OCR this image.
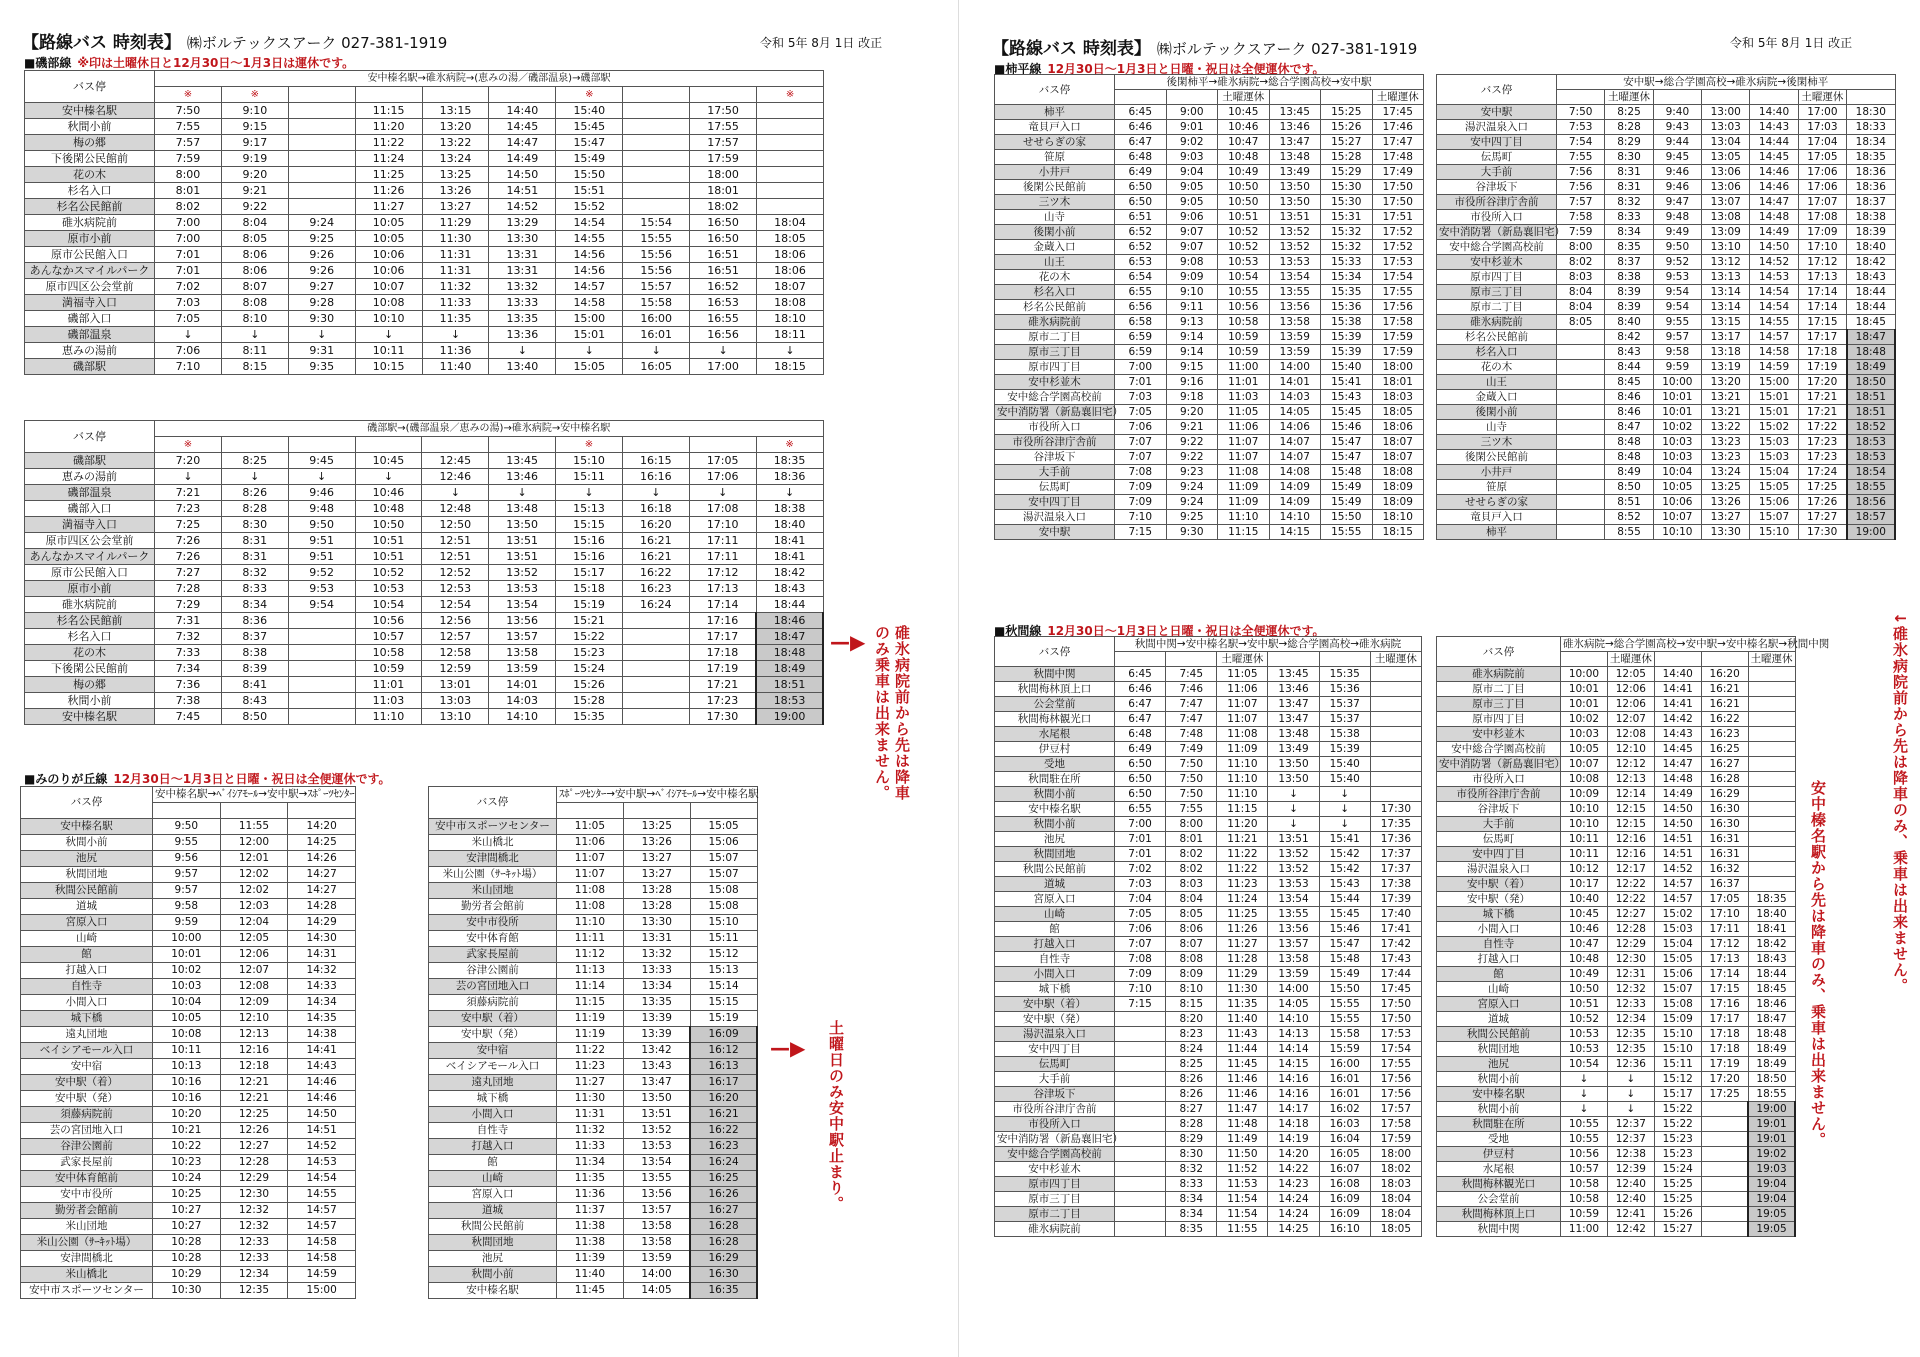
【路線バス 時刻表】 ㈱ボルテックスアーク 027-381-1919	令和 5年 8月 1日 改正
■磯部線 ※印は土曜休日と12月30日～1月3日は運休です。
バス停	安中榛名駅→碓氷病院→(恵みの湯／磯部温泉)→磯部駅									
	※	※					※			※
安中榛名駅	7:50	9:10		11:15	13:15	14:40	15:40		17:50	
秋間小前	7:55	9:15		11:20	13:20	14:45	15:45		17:55	
梅の郷	7:57	9:17		11:22	13:22	14:47	15:47		17:57	
下後閑公民館前	7:59	9:19		11:24	13:24	14:49	15:49		17:59	
花の木	8:00	9:20		11:25	13:25	14:50	15:50		18:00	
杉名入口	8:01	9:21		11:26	13:26	14:51	15:51		18:01	
杉名公民館前	8:02	9:22		11:27	13:27	14:52	15:52		18:02	
碓氷病院前	7:00	8:04	9:24	10:05	11:29	13:29	14:54	15:54	16:50	18:04
原市小前	7:00	8:05	9:25	10:05	11:30	13:30	14:55	15:55	16:50	18:05
原市公民館入口	7:01	8:06	9:26	10:06	11:31	13:31	14:56	15:56	16:51	18:06
あんなかスマイルパーク	7:01	8:06	9:26	10:06	11:31	13:31	14:56	15:56	16:51	18:06
原市四区公会堂前	7:02	8:07	9:27	10:07	11:32	13:32	14:57	15:57	16:52	18:07
満福寺入口	7:03	8:08	9:28	10:08	11:33	13:33	14:58	15:58	16:53	18:08
磯部入口	7:05	8:10	9:30	10:10	11:35	13:35	15:00	16:00	16:55	18:10
磯部温泉	↓	↓	↓	↓	↓	13:36	15:01	16:01	16:56	18:11
恵みの湯前	7:06	8:11	9:31	10:11	11:36	↓	↓	↓	↓	↓
磯部駅	7:10	8:15	9:35	10:15	11:40	13:40	15:05	16:05	17:00	18:15
バス停	磯部駅→(磯部温泉／恵みの湯)→碓氷病院→安中榛名駅									
	※						※			※
磯部駅	7:20	8:25	9:45	10:45	12:45	13:45	15:10	16:15	17:05	18:35
恵みの湯前	↓	↓	↓	↓	12:46	13:46	15:11	16:16	17:06	18:36
磯部温泉	7:21	8:26	9:46	10:46	↓	↓	↓	↓	↓	↓
磯部入口	7:23	8:28	9:48	10:48	12:48	13:48	15:13	16:18	17:08	18:38
満福寺入口	7:25	8:30	9:50	10:50	12:50	13:50	15:15	16:20	17:10	18:40
原市四区公会堂前	7:26	8:31	9:51	10:51	12:51	13:51	15:16	16:21	17:11	18:41
あんなかスマイルパーク	7:26	8:31	9:51	10:51	12:51	13:51	15:16	16:21	17:11	18:41
原市公民館入口	7:27	8:32	9:52	10:52	12:52	13:52	15:17	16:22	17:12	18:42
原市小前	7:28	8:33	9:53	10:53	12:53	13:53	15:18	16:23	17:13	18:43
碓氷病院前	7:29	8:34	9:54	10:54	12:54	13:54	15:19	16:24	17:14	18:44
杉名公民館前	7:31	8:36		10:56	12:56	13:56	15:21		17:16	18:46
杉名入口	7:32	8:37		10:57	12:57	13:57	15:22		17:17	18:47
花の木	7:33	8:38		10:58	12:58	13:58	15:23		17:18	18:48
下後閑公民館前	7:34	8:39		10:59	12:59	13:59	15:24		17:19	18:49
梅の郷	7:36	8:41		11:01	13:01	14:01	15:26		17:21	18:51
秋間小前	7:38	8:43		11:03	13:03	14:03	15:28		17:23	18:53
安中榛名駅	7:45	8:50		11:10	13:10	14:10	15:35		17:30	19:00
—▶	碓氷病院前から先は降車のみ乗車は出来ません。
■みのりが丘線 12月30日～1月3日と日曜・祝日は全便運休です。
バス停	安中榛名駅→ﾍﾞｲｼｱﾓｰﾙ→安中駅→ｽﾎﾟｰﾂｾﾝﾀｰ		

安中榛名駅	9:50	11:55	14:20
秋間小前	9:55	12:00	14:25
池尻	9:56	12:01	14:26
秋間団地	9:57	12:02	14:27
秋間公民館前	9:57	12:02	14:27
道城	9:58	12:03	14:28
宮原入口	9:59	12:04	14:29
山崎	10:00	12:05	14:30
館	10:01	12:06	14:31
打越入口	10:02	12:07	14:32
自性寺	10:03	12:08	14:33
小間入口	10:04	12:09	14:34
城下橋	10:05	12:10	14:35
遠丸団地	10:08	12:13	14:38
ベイシアモール入口	10:11	12:16	14:41
安中宿	10:13	12:18	14:43
安中駅（着）	10:16	12:21	14:46
安中駅（発）	10:16	12:21	14:46
須藤病院前	10:20	12:25	14:50
芸の宮団地入口	10:21	12:26	14:51
谷津公園前	10:22	12:27	14:52
武家長屋前	10:23	12:28	14:53
安中体育館前	10:24	12:29	14:54
安中市役所	10:25	12:30	14:55
勤労者会館前	10:27	12:32	14:57
米山団地	10:27	12:32	14:57
米山公園（ｻｰｷｯﾄ場）	10:28	12:33	14:58
安津間橋北	10:28	12:33	14:58
米山橋北	10:29	12:34	14:59
安中市スポーツセンター	10:30	12:35	15:00
バス停	ｽﾎﾟｰﾂｾﾝﾀｰ→安中駅→ﾍﾞｲｼｱﾓｰﾙ→安中榛名駅		

安中市スポーツセンター	11:05	13:25	15:05
米山橋北	11:06	13:26	15:06
安津間橋北	11:07	13:27	15:07
米山公園（ｻｰｷｯﾄ場）	11:07	13:27	15:07
米山団地	11:08	13:28	15:08
勤労者会館前	11:08	13:28	15:08
安中市役所	11:10	13:30	15:10
安中体育館	11:11	13:31	15:11
武家長屋前	11:12	13:32	15:12
谷津公園前	11:13	13:33	15:13
芸の宮団地入口	11:14	13:34	15:14
須藤病院前	11:15	13:35	15:15
安中駅（着）	11:19	13:39	15:19
安中駅（発）	11:19	13:39	16:09
安中宿	11:22	13:42	16:12
ベイシアモール入口	11:23	13:43	16:13
遠丸団地	11:27	13:47	16:17
城下橋	11:30	13:50	16:20
小間入口	11:31	13:51	16:21
自性寺	11:32	13:52	16:22
打越入口	11:33	13:53	16:23
館	11:34	13:54	16:24
山崎	11:35	13:55	16:25
宮原入口	11:36	13:56	16:26
道城	11:37	13:57	16:27
秋間公民館前	11:38	13:58	16:28
秋間団地	11:38	13:58	16:28
池尻	11:39	13:59	16:29
秋間小前	11:40	14:00	16:30
安中榛名駅	11:45	14:05	16:35
—▶ 土曜日のみ安中駅止まり。
【路線バス 時刻表】 ㈱ボルテックスアーク 027-381-1919	令和 5年 8月 1日 改正
■柿平線 12月30日～1月3日と日曜・祝日は全便運休です。
バス停	後閑柿平→碓氷病院→総合学園高校→安中駅					
			土曜運休			土曜運休
柿平	6:45	9:00	10:45	13:45	15:25	17:45
竜貝戸入口	6:46	9:01	10:46	13:46	15:26	17:46
せせらぎの家	6:47	9:02	10:47	13:47	15:27	17:47
笹原	6:48	9:03	10:48	13:48	15:28	17:48
小井戸	6:49	9:04	10:49	13:49	15:29	17:49
後閑公民館前	6:50	9:05	10:50	13:50	15:30	17:50
三ツ木	6:50	9:05	10:50	13:50	15:30	17:50
山寺	6:51	9:06	10:51	13:51	15:31	17:51
後閑小前	6:52	9:07	10:52	13:52	15:32	17:52
金蔵入口	6:52	9:07	10:52	13:52	15:32	17:52
山王	6:53	9:08	10:53	13:53	15:33	17:53
花の木	6:54	9:09	10:54	13:54	15:34	17:54
杉名入口	6:55	9:10	10:55	13:55	15:35	17:55
杉名公民館前	6:56	9:11	10:56	13:56	15:36	17:56
碓氷病院前	6:58	9:13	10:58	13:58	15:38	17:58
原市二丁目	6:59	9:14	10:59	13:59	15:39	17:59
原市三丁目	6:59	9:14	10:59	13:59	15:39	17:59
原市四丁目	7:00	9:15	11:00	14:00	15:40	18:00
安中杉並木	7:01	9:16	11:01	14:01	15:41	18:01
安中総合学園高校前	7:03	9:18	11:03	14:03	15:43	18:03
安中消防署（新島襄旧宅）	7:05	9:20	11:05	14:05	15:45	18:05
市役所入口	7:06	9:21	11:06	14:06	15:46	18:06
市役所谷津庁舎前	7:07	9:22	11:07	14:07	15:47	18:07
谷津坂下	7:07	9:22	11:07	14:07	15:47	18:07
大手前	7:08	9:23	11:08	14:08	15:48	18:08
伝馬町	7:09	9:24	11:09	14:09	15:49	18:09
安中四丁目	7:09	9:24	11:09	14:09	15:49	18:09
湯沢温泉入口	7:10	9:25	11:10	14:10	15:50	18:10
安中駅	7:15	9:30	11:15	14:15	15:55	18:15
バス停	安中駅→総合学園高校→碓氷病院→後閑柿平						
		土曜運休				土曜運休	
安中駅	7:50	8:25	9:40	13:00	14:40	17:00	18:30
湯沢温泉入口	7:53	8:28	9:43	13:03	14:43	17:03	18:33
安中四丁目	7:54	8:29	9:44	13:04	14:44	17:04	18:34
伝馬町	7:55	8:30	9:45	13:05	14:45	17:05	18:35
大手前	7:56	8:31	9:46	13:06	14:46	17:06	18:36
谷津坂下	7:56	8:31	9:46	13:06	14:46	17:06	18:36
市役所谷津庁舎前	7:57	8:32	9:47	13:07	14:47	17:07	18:37
市役所入口	7:58	8:33	9:48	13:08	14:48	17:08	18:38
安中消防署（新島襄旧宅）	7:59	8:34	9:49	13:09	14:49	17:09	18:39
安中総合学園高校前	8:00	8:35	9:50	13:10	14:50	17:10	18:40
安中杉並木	8:02	8:37	9:52	13:12	14:52	17:12	18:42
原市四丁目	8:03	8:38	9:53	13:13	14:53	17:13	18:43
原市三丁目	8:04	8:39	9:54	13:14	14:54	17:14	18:44
原市二丁目	8:04	8:39	9:54	13:14	14:54	17:14	18:44
碓氷病院前	8:05	8:40	9:55	13:15	14:55	17:15	18:45
杉名公民館前		8:42	9:57	13:17	14:57	17:17	18:47
杉名入口		8:43	9:58	13:18	14:58	17:18	18:48
花の木		8:44	9:59	13:19	14:59	17:19	18:49
山王		8:45	10:00	13:20	15:00	17:20	18:50
金蔵入口		8:46	10:01	13:21	15:01	17:21	18:51
後閑小前		8:46	10:01	13:21	15:01	17:21	18:51
山寺		8:47	10:02	13:22	15:02	17:22	18:52
三ツ木		8:48	10:03	13:23	15:03	17:23	18:53
後閑公民館前		8:48	10:03	13:23	15:03	17:23	18:53
小井戸		8:49	10:04	13:24	15:04	17:24	18:54
笹原		8:50	10:05	13:25	15:05	17:25	18:55
せせらぎの家		8:51	10:06	13:26	15:06	17:26	18:56
竜貝戸入口		8:52	10:07	13:27	15:07	17:27	18:57
柿平		8:55	10:10	13:30	15:10	17:30	19:00
↓碓氷病院前から先は降車のみ、乗車は出来ません。
■秋間線 12月30日～1月3日と日曜・祝日は全便運休です。
バス停	秋間中関→安中榛名駅→安中駅→総合学園高校→碓氷病院					
			土曜運休			土曜運休
秋間中関	6:45	7:45	11:05	13:45	15:35	
秋間梅林頂上口	6:46	7:46	11:06	13:46	15:36	
公会堂前	6:47	7:47	11:07	13:47	15:37	
秋間梅林観光口	6:47	7:47	11:07	13:47	15:37	
水尾根	6:48	7:48	11:08	13:48	15:38	
伊豆村	6:49	7:49	11:09	13:49	15:39	
受地	6:50	7:50	11:10	13:50	15:40	
秋間駐在所	6:50	7:50	11:10	13:50	15:40	
秋間小前	6:50	7:50	11:10	↓	↓	
安中榛名駅	6:55	7:55	11:15	↓	↓	17:30
秋間小前	7:00	8:00	11:20	↓	↓	17:35
池尻	7:01	8:01	11:21	13:51	15:41	17:36
秋間団地	7:01	8:02	11:22	13:52	15:42	17:37
秋間公民館前	7:02	8:02	11:22	13:52	15:42	17:37
道城	7:03	8:03	11:23	13:53	15:43	17:38
宮原入口	7:04	8:04	11:24	13:54	15:44	17:39
山崎	7:05	8:05	11:25	13:55	15:45	17:40
館	7:06	8:06	11:26	13:56	15:46	17:41
打越入口	7:07	8:07	11:27	13:57	15:47	17:42
自性寺	7:08	8:08	11:28	13:58	15:48	17:43
小間入口	7:09	8:09	11:29	13:59	15:49	17:44
城下橋	7:10	8:10	11:30	14:00	15:50	17:45
安中駅（着）	7:15	8:15	11:35	14:05	15:55	17:50
安中駅（発）		8:20	11:40	14:10	15:55	17:50
湯沢温泉入口		8:23	11:43	14:13	15:58	17:53
安中四丁目		8:24	11:44	14:14	15:59	17:54
伝馬町		8:25	11:45	14:15	16:00	17:55
大手前		8:26	11:46	14:16	16:01	17:56
谷津坂下		8:26	11:46	14:16	16:01	17:56
市役所谷津庁舎前		8:27	11:47	14:17	16:02	17:57
市役所入口		8:28	11:48	14:18	16:03	17:58
安中消防署（新島襄旧宅）		8:29	11:49	14:19	16:04	17:59
安中総合学園高校前		8:30	11:50	14:20	16:05	18:00
安中杉並木		8:32	11:52	14:22	16:07	18:02
原市四丁目		8:33	11:53	14:23	16:08	18:03
原市三丁目		8:34	11:54	14:24	16:09	18:04
原市二丁目		8:34	11:54	14:24	16:09	18:04
碓氷病院前		8:35	11:55	14:25	16:10	18:05
バス停	碓氷病院→総合学園高校→安中駅→安中榛名駅→秋間中関				
		土曜運休			土曜運休
碓氷病院前	10:00	12:05	14:40	16:20	
原市二丁目	10:01	12:06	14:41	16:21	
原市三丁目	10:01	12:06	14:41	16:21	
原市四丁目	10:02	12:07	14:42	16:22	
安中杉並木	10:03	12:08	14:43	16:23	
安中総合学園高校前	10:05	12:10	14:45	16:25	
安中消防署（新島襄旧宅）	10:07	12:12	14:47	16:27	
市役所入口	10:08	12:13	14:48	16:28	
市役所谷津庁舎前	10:09	12:14	14:49	16:29	
谷津坂下	10:10	12:15	14:50	16:30	
大手前	10:10	12:15	14:50	16:30	
伝馬町	10:11	12:16	14:51	16:31	
安中四丁目	10:11	12:16	14:51	16:31	
湯沢温泉入口	10:12	12:17	14:52	16:32	
安中駅（着）	10:17	12:22	14:57	16:37	
安中駅（発）	10:40	12:22	14:57	17:05	18:35
城下橋	10:45	12:27	15:02	17:10	18:40
小間入口	10:46	12:28	15:03	17:11	18:41
自性寺	10:47	12:29	15:04	17:12	18:42
打越入口	10:48	12:30	15:05	17:13	18:43
館	10:49	12:31	15:06	17:14	18:44
山崎	10:50	12:32	15:07	17:15	18:45
宮原入口	10:51	12:33	15:08	17:16	18:46
道城	10:52	12:34	15:09	17:17	18:47
秋間公民館前	10:53	12:35	15:10	17:18	18:48
秋間団地	10:53	12:35	15:10	17:18	18:49
池尻	10:54	12:36	15:11	17:19	18:49
秋間小前	↓	↓	15:12	17:20	18:50
安中榛名駅	↓	↓	15:17	17:25	18:55
秋間小前	↓	↓	15:22		19:00
秋間駐在所	10:55	12:37	15:22		19:01
受地	10:55	12:37	15:23		19:01
伊豆村	10:56	12:38	15:23		19:02
水尾根	10:57	12:39	15:24		19:03
秋間梅林観光口	10:58	12:40	15:25		19:04
公会堂前	10:58	12:40	15:25		19:04
秋間梅林頂上口	10:59	12:41	15:26		19:05
秋間中関	11:00	12:42	15:27		19:05
安中榛名駅から先は降車のみ、乗車は出来ません。
